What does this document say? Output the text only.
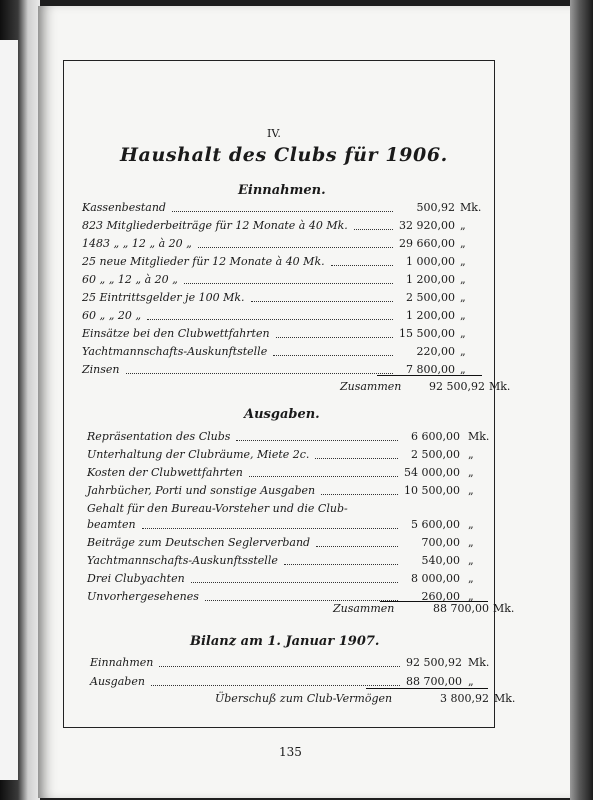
IV.
Haushalt des Clubs für 1906.
Einnahmen.
Ausgaben.
Bilanz am 1. Januar 1907.
135
Kassenbestand	500,92 Mk.
823 Mitgliederbeiträge für 12 Monate à 40 Mk.	32 920,00 „
1483 „ „ 12 „ à 20 „	29 660,00 „
25 neue Mitglieder für 12 Monate à 40 Mk.	1 000,00 „
60 „ „ 12 „ à 20 „	1 200,00 „
25 Eintrittsgelder je 100 Mk.	2 500,00 „
60 „ „ 20 „	1 200,00 „
Einsätze bei den Clubwettfahrten	15 500,00 „
Yachtmannschafts-Auskunftstelle	220,00 „
Zinsen	7 800,00 „
Zusammen	92 500,92 Mk.
Repräsentation des Clubs	6 600,00 Mk.
Unterhaltung der Clubräume, Miete 2c.	2 500,00 „
Kosten der Clubwettfahrten	54 000,00 „
Jahrbücher, Porti und sonstige Ausgaben	10 500,00 „
Gehalt für den Bureau-Vorsteher und die Club-
beamten	5 600,00 „
Beiträge zum Deutschen Seglerverband	700,00 „
Yachtmannschafts-Auskunftsstelle	540,00 „
Drei Clubyachten	8 000,00 „
Unvorhergesehenes	260,00 „
Zusammen	88 700,00 Mk.
Einnahmen	92 500,92 Mk.
Ausgaben	88 700,00 „
Überschuß zum Club-Vermögen	3 800,92 Mk.
